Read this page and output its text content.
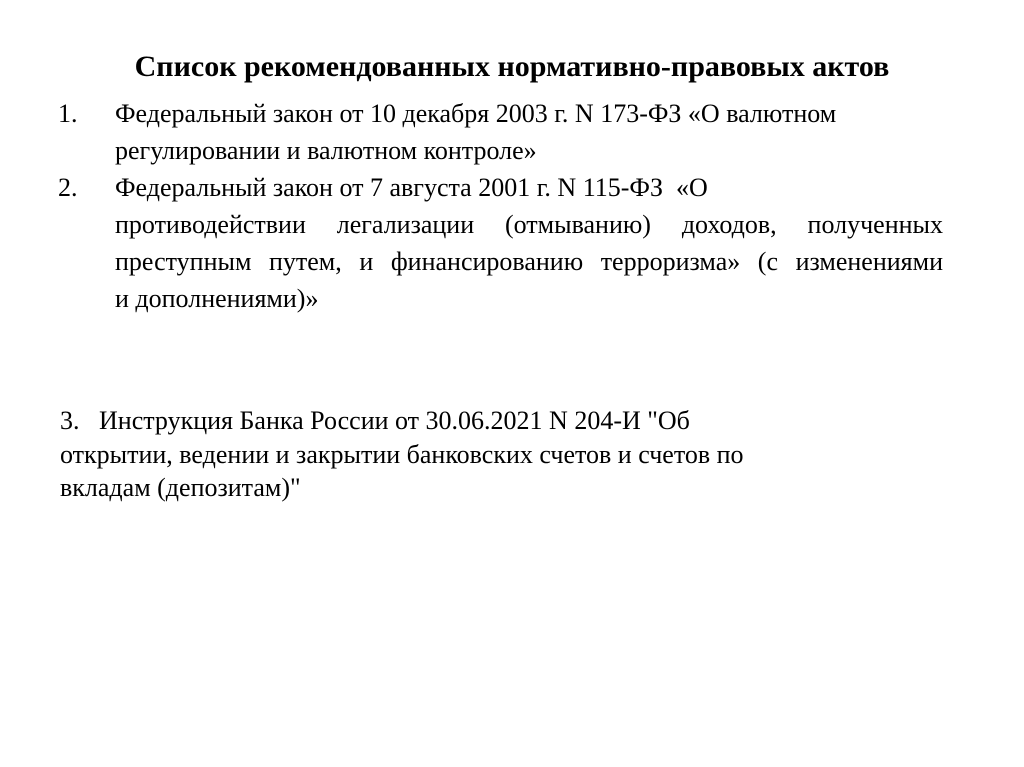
Список рекомендованных нормативно-правовых актов
1.	Федеральный закон от 10 декабря 2003 г. N 173-ФЗ «О валютном
регулировании и валютном контроле»
2.	Федеральный закон от 7 августа 2001 г. N 115-ФЗ  «О
противодействии легализации (отмыванию) доходов, полученных
преступным путем, и финансированию терроризма» (с изменениями
и дополнениями)»
3.   Инструкция Банка России от 30.06.2021 N 204-И "Об
открытии, ведении и закрытии банковских счетов и счетов по
вкладам (депозитам)"
